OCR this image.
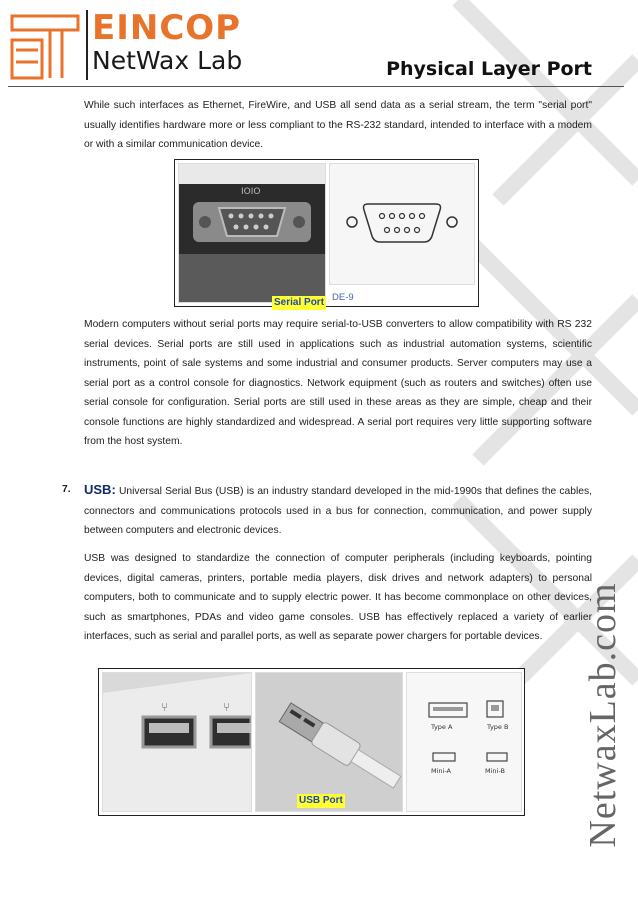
EINCOP
NetWax Lab	Physical Layer Port

While such interfaces as Ethernet, FireWire, and USB all send data as a serial stream, the term "serial port" usually identifies hardware more or less compliant to the RS-232 standard, intended to interface with a modem or with a similar communication device.

IOIO
DE-9
Serial Port

Modern computers without serial ports may require serial-to-USB converters to allow compatibility with RS 232 serial devices. Serial ports are still used in applications such as industrial automation systems, scientific instruments, point of sale systems and some industrial and consumer products. Server computers may use a serial port as a control console for diagnostics. Network equipment (such as routers and switches) often use serial console for configuration. Serial ports are still used in these areas as they are simple, cheap and their console functions are highly standardized and widespread. A serial port requires very little supporting software from the host system.

7. USB: Universal Serial Bus (USB) is an industry standard developed in the mid-1990s that defines the cables, connectors and communications protocols used in a bus for connection, communication, and power supply between computers and electronic devices.

USB was designed to standardize the connection of computer peripherals (including keyboards, pointing devices, digital cameras, printers, portable media players, disk drives and network adapters) to personal computers, both to communicate and to supply electric power. It has become commonplace on other devices, such as smartphones, PDAs and video game consoles. USB has effectively replaced a variety of earlier interfaces, such as serial and parallel ports, as well as separate power chargers for portable devices.

⑂	⑂
Type A	Type B
Mini-A	Mini-B
USB Port	NetwaxLab.com
